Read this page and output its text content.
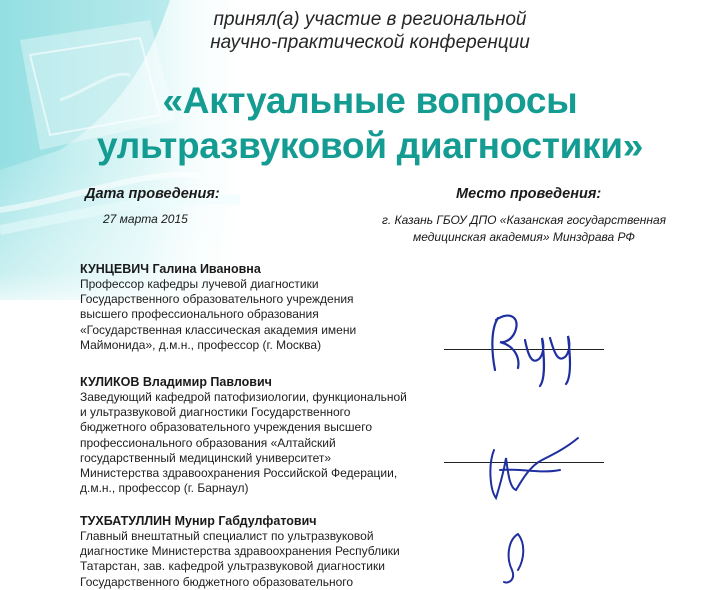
принял(а) участие в региональной
научно-практической конференции
«Актуальные вопросы
ультразвуковой диагностики»
Дата проведения:
27 марта 2015
Место проведения:
г. Казань ГБОУ ДПО «Казанская государственная
медицинская академия» Минздрава РФ
КУНЦЕВИЧ Галина Ивановна
Профессор кафедры лучевой диагностики
Государственного образовательного учреждения
высшего профессионального образования
«Государственная классическая академия имени
Маймонида», д.м.н., профессор (г. Москва)
КУЛИКОВ Владимир Павлович
Заведующий кафедрой патофизиологии, функциональной
и ультразвуковой диагностики Государственного
бюджетного образовательного учреждения высшего
профессионального образования «Алтайский
государственный медицинский университет»
Министерства здравоохранения Российской Федерации,
д.м.н., профессор (г. Барнаул)
ТУХБАТУЛЛИН Мунир Габдулфатович
Главный внештатный специалист по ультразвуковой
диагностике Министерства здравоохранения Республики
Татарстан, зав. кафедрой ультразвуковой диагностики
Государственного бюджетного образовательного
